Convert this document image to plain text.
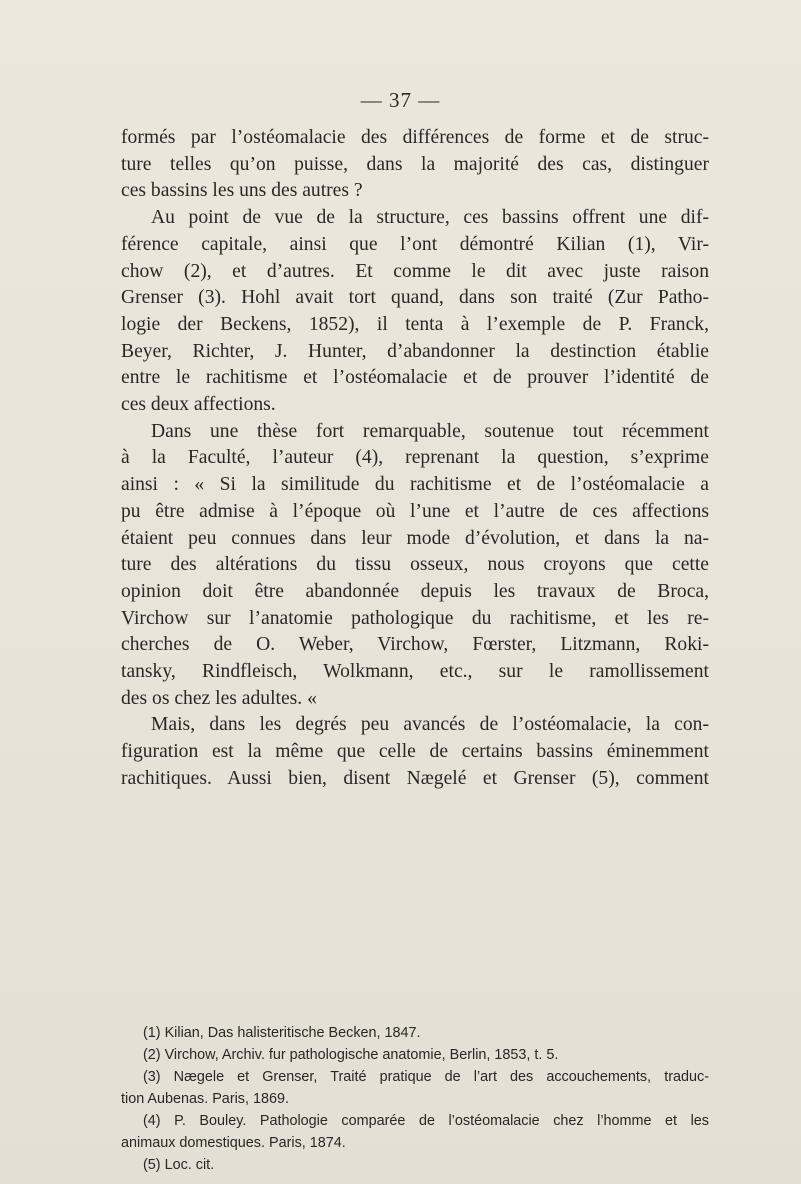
— 37 —
formés par l’ostéomalacie des différences de forme et de struc-
ture telles qu’on puisse, dans la majorité des cas, distinguer
ces bassins les uns des autres ?
Au point de vue de la structure, ces bassins offrent une dif-
férence capitale, ainsi que l’ont démontré Kilian (1), Vir-
chow (2), et d’autres. Et comme le dit avec juste raison
Grenser (3). Hohl avait tort quand, dans son traité (Zur Patho-
logie der Beckens, 1852), il tenta à l’exemple de P. Franck,
Beyer, Richter, J. Hunter, d’abandonner la destinction établie
entre le rachitisme et l’ostéomalacie et de prouver l’identité de
ces deux affections.
Dans une thèse fort remarquable, soutenue tout récemment
à la Faculté, l’auteur (4), reprenant la question, s’exprime
ainsi : « Si la similitude du rachitisme et de l’ostéomalacie a
pu être admise à l’époque où l’une et l’autre de ces affections
étaient peu connues dans leur mode d’évolution, et dans la na-
ture des altérations du tissu osseux, nous croyons que cette
opinion doit être abandonnée depuis les travaux de Broca,
Virchow sur l’anatomie pathologique du rachitisme, et les re-
cherches de O. Weber, Virchow, Fœrster, Litzmann, Roki-
tansky, Rindfleisch, Wolkmann, etc., sur le ramollissement
des os chez les adultes. «
Mais, dans les degrés peu avancés de l’ostéomalacie, la con-
figuration est la même que celle de certains bassins éminemment
rachitiques. Aussi bien, disent Nægelé et Grenser (5), comment
(1) Kilian, Das halisteritische Becken, 1847.
(2) Virchow, Archiv. fur pathologische anatomie, Berlin, 1853, t. 5.
(3) Nægele et Grenser, Traité pratique de l’art des accouchements, traduc-
tion Aubenas. Paris, 1869.
(4) P. Bouley. Pathologie comparée de l’ostéomalacie chez l’homme et les
animaux domestiques. Paris, 1874.
(5) Loc. cit.
